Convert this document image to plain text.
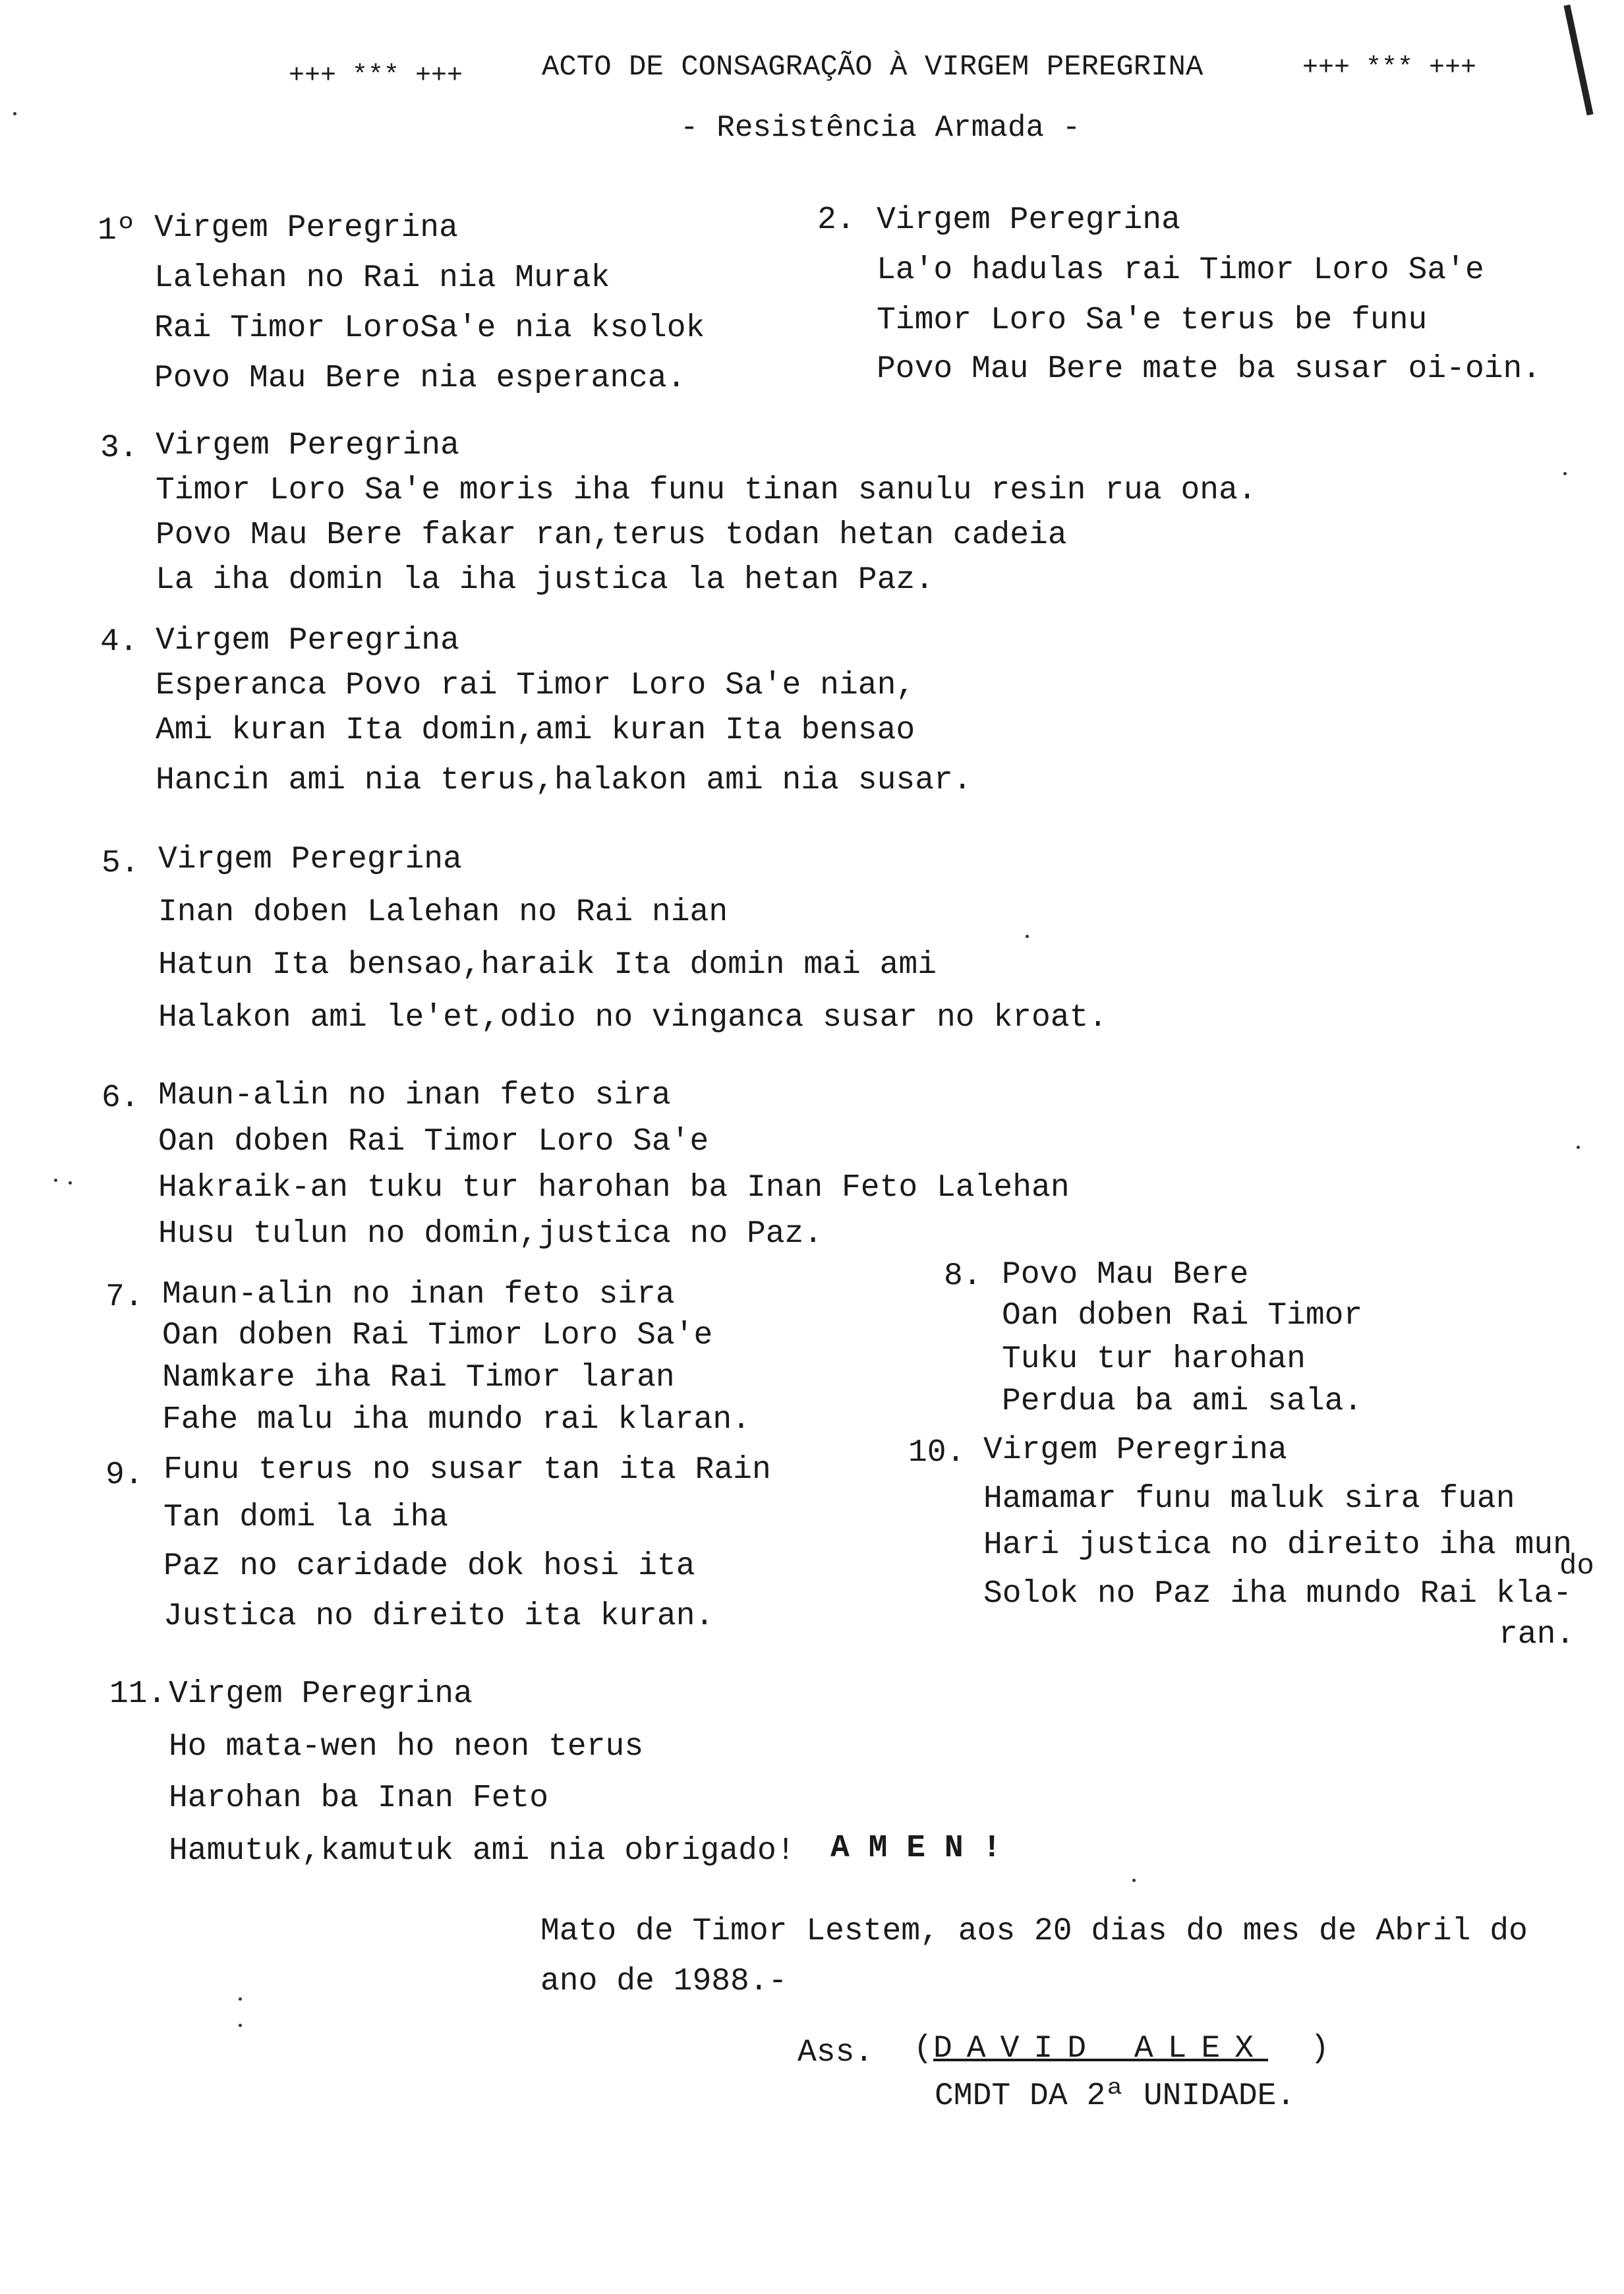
+++ *** +++	ACTO DE CONSAGRAÇÃO À VIRGEM PEREGRINA	+++ *** +++
- Resistência Armada -
1º Virgem Peregrina
Lalehan no Rai nia Murak
Rai Timor LoroSa'e nia ksolok
Povo Mau Bere nia esperanca.
2. Virgem Peregrina
La'o hadulas rai Timor Loro Sa'e
Timor Loro Sa'e terus be funu
Povo Mau Bere mate ba susar oi-oin.
3. Virgem Peregrina
Timor Loro Sa'e moris iha funu tinan sanulu resin rua ona.
Povo Mau Bere fakar ran,terus todan hetan cadeia
La iha domin la iha justica la hetan Paz.
4. Virgem Peregrina
Esperanca Povo rai Timor Loro Sa'e nian,
Ami kuran Ita domin,ami kuran Ita bensao
Hancin ami nia terus,halakon ami nia susar.
5. Virgem Peregrina
Inan doben Lalehan no Rai nian
Hatun Ita bensao,haraik Ita domin mai ami
Halakon ami le'et,odio no vinganca susar no kroat.
6. Maun-alin no inan feto sira
Oan doben Rai Timor Loro Sa'e
Hakraik-an tuku tur harohan ba Inan Feto Lalehan
Husu tulun no domin,justica no Paz.
7. Maun-alin no inan feto sira
Oan doben Rai Timor Loro Sa'e
Namkare iha Rai Timor laran
Fahe malu iha mundo rai klaran.
8. Povo Mau Bere
Oan doben Rai Timor
Tuku tur harohan
Perdua ba ami sala.
9. Funu terus no susar tan ita Rain
Tan domi la iha
Paz no caridade dok hosi ita
Justica no direito ita kuran.
10. Virgem Peregrina
Hamamar funu maluk sira fuan
Hari justica no direito iha mun
do
Solok no Paz iha mundo Rai kla-
ran.
11. Virgem Peregrina
Ho mata-wen ho neon terus
Harohan ba Inan Feto
Hamutuk,kamutuk ami nia obrigado! A M E N !
Mato de Timor Lestem, aos 20 dias do mes de Abril do
ano de 1988.-
Ass. ( DAVID ALEX )
CMDT DA 2ª UNIDADE.
